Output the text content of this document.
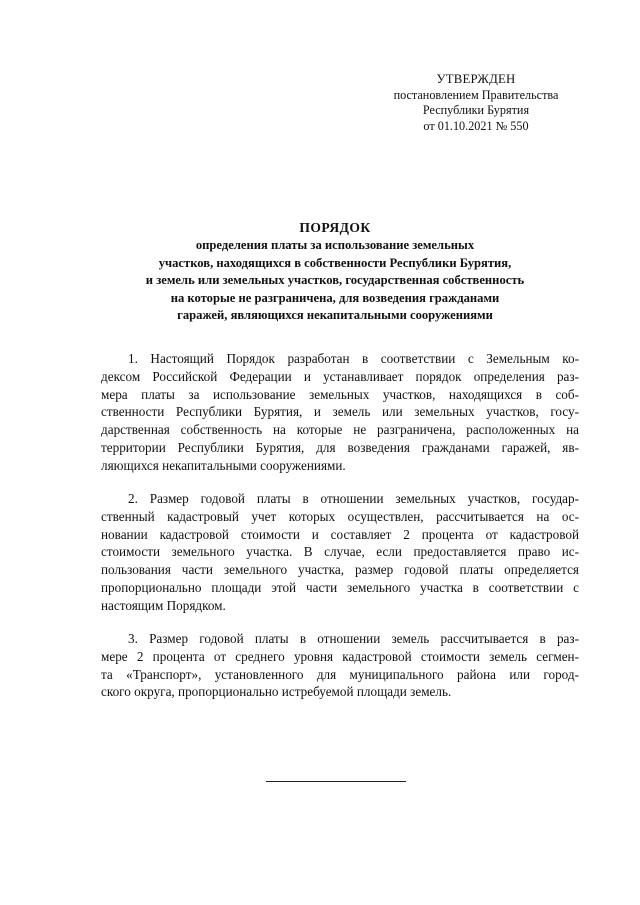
УТВЕРЖДЕН
постановлением Правительства
Республики Бурятия
от 01.10.2021 № 550
ПОРЯДОК
определения платы за использование земельных
участков, находящихся в собственности Республики Бурятия,
и земель или земельных участков, государственная собственность
на которые не разграничена, для возведения гражданами
гаражей, являющихся некапитальными сооружениями
1. Настоящий Порядок разработан в соответствии с Земельным ко-
дексом Российской Федерации и устанавливает порядок определения раз-
мера платы за использование земельных участков, находящихся в соб-
ственности Республики Бурятия, и земель или земельных участков, госу-
дарственная собственность на которые не разграничена, расположенных на
территории Республики Бурятия, для возведения гражданами гаражей, яв-
ляющихся некапитальными сооружениями.
2. Размер годовой платы в отношении земельных участков, государ-
ственный кадастровый учет которых осуществлен, рассчитывается на ос-
новании кадастровой стоимости и составляет 2 процента от кадастровой
стоимости земельного участка. В случае, если предоставляется право ис-
пользования части земельного участка, размер годовой платы определяется
пропорционально площади этой части земельного участка в соответствии с
настоящим Порядком.
3. Размер годовой платы в отношении земель рассчитывается в раз-
мере 2 процента от среднего уровня кадастровой стоимости земель сегмен-
та «Транспорт», установленного для муниципального района или город-
ского округа, пропорционально истребуемой площади земель.
